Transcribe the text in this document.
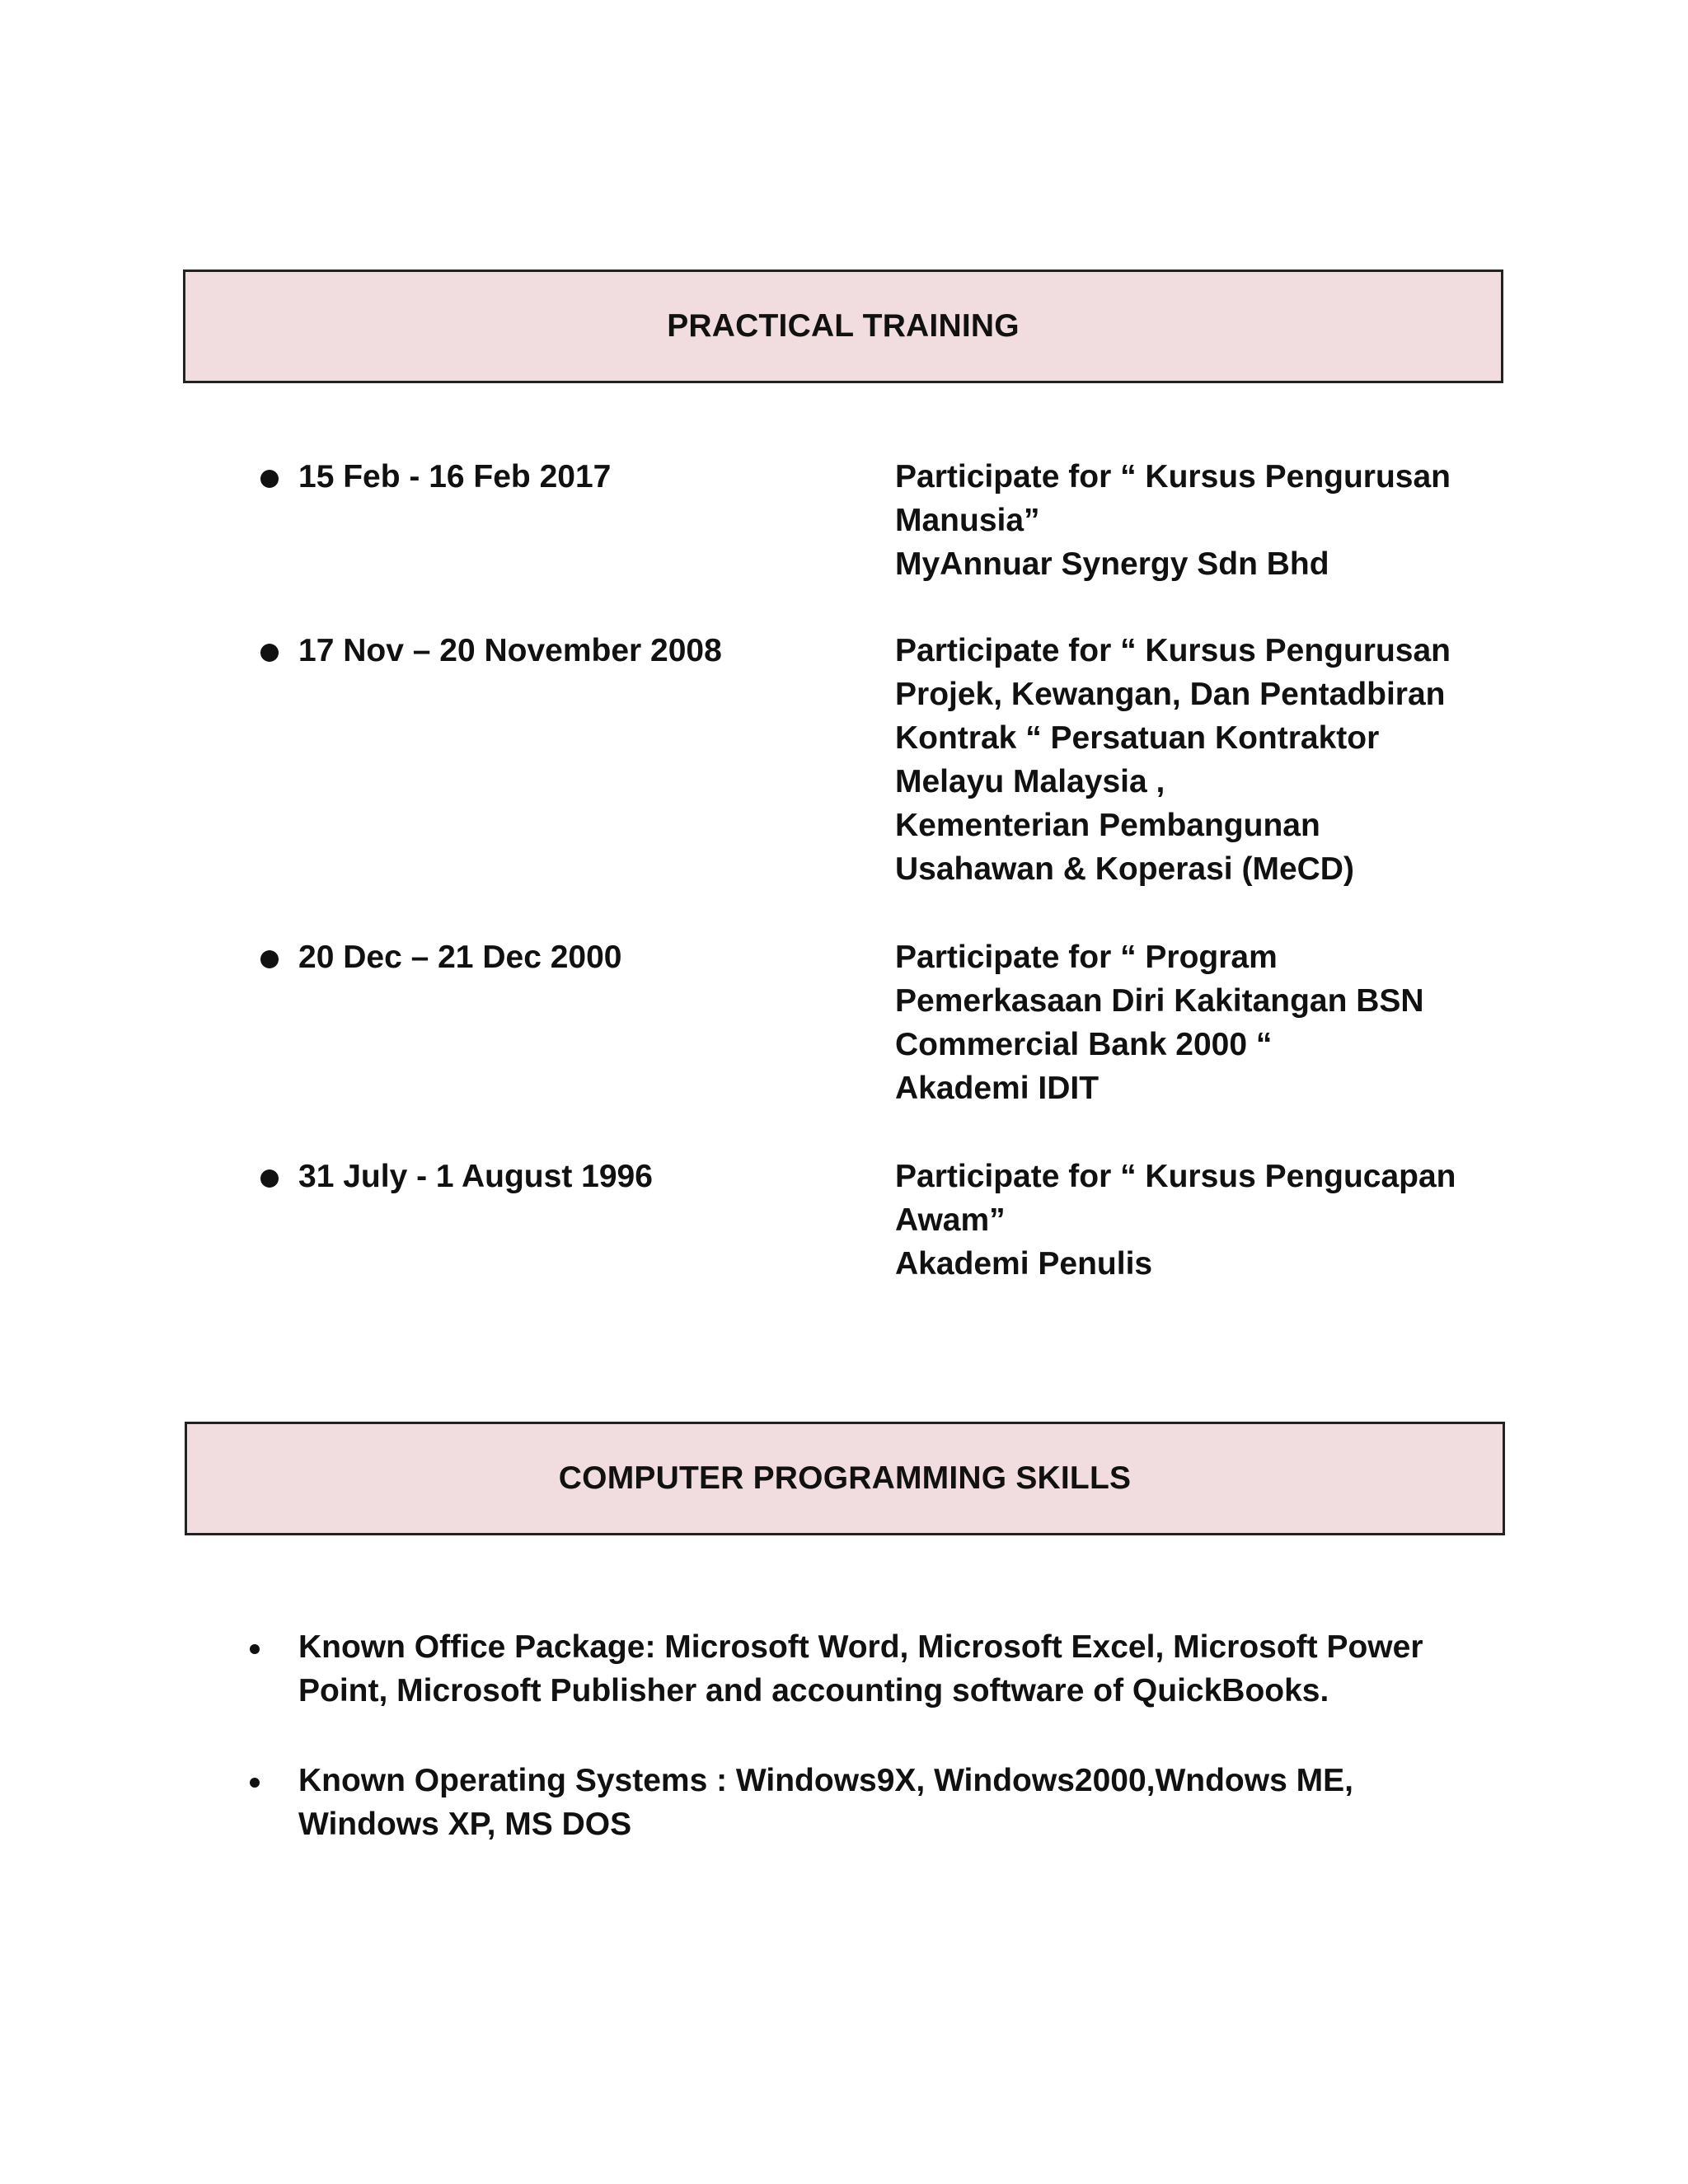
PRACTICAL TRAINING
15 Feb - 16 Feb 2017	Participate for “ Kursus Pengurusan
Manusia”
MyAnnuar Synergy Sdn Bhd
17 Nov – 20 November 2008	Participate for “ Kursus Pengurusan
Projek, Kewangan, Dan Pentadbiran
Kontrak “ Persatuan Kontraktor
Melayu Malaysia ,
Kementerian Pembangunan
Usahawan & Koperasi (MeCD)
20 Dec – 21 Dec 2000	Participate for “ Program
Pemerkasaan Diri Kakitangan BSN
Commercial Bank 2000 “
Akademi IDIT
31 July - 1 August 1996	Participate for “ Kursus Pengucapan
Awam”
Akademi Penulis
COMPUTER PROGRAMMING SKILLS
Known Office Package: Microsoft Word, Microsoft Excel, Microsoft Power
Point, Microsoft Publisher and accounting software of QuickBooks.
Known Operating Systems : Windows9X, Windows2000,Wndows ME,
Windows XP, MS DOS
